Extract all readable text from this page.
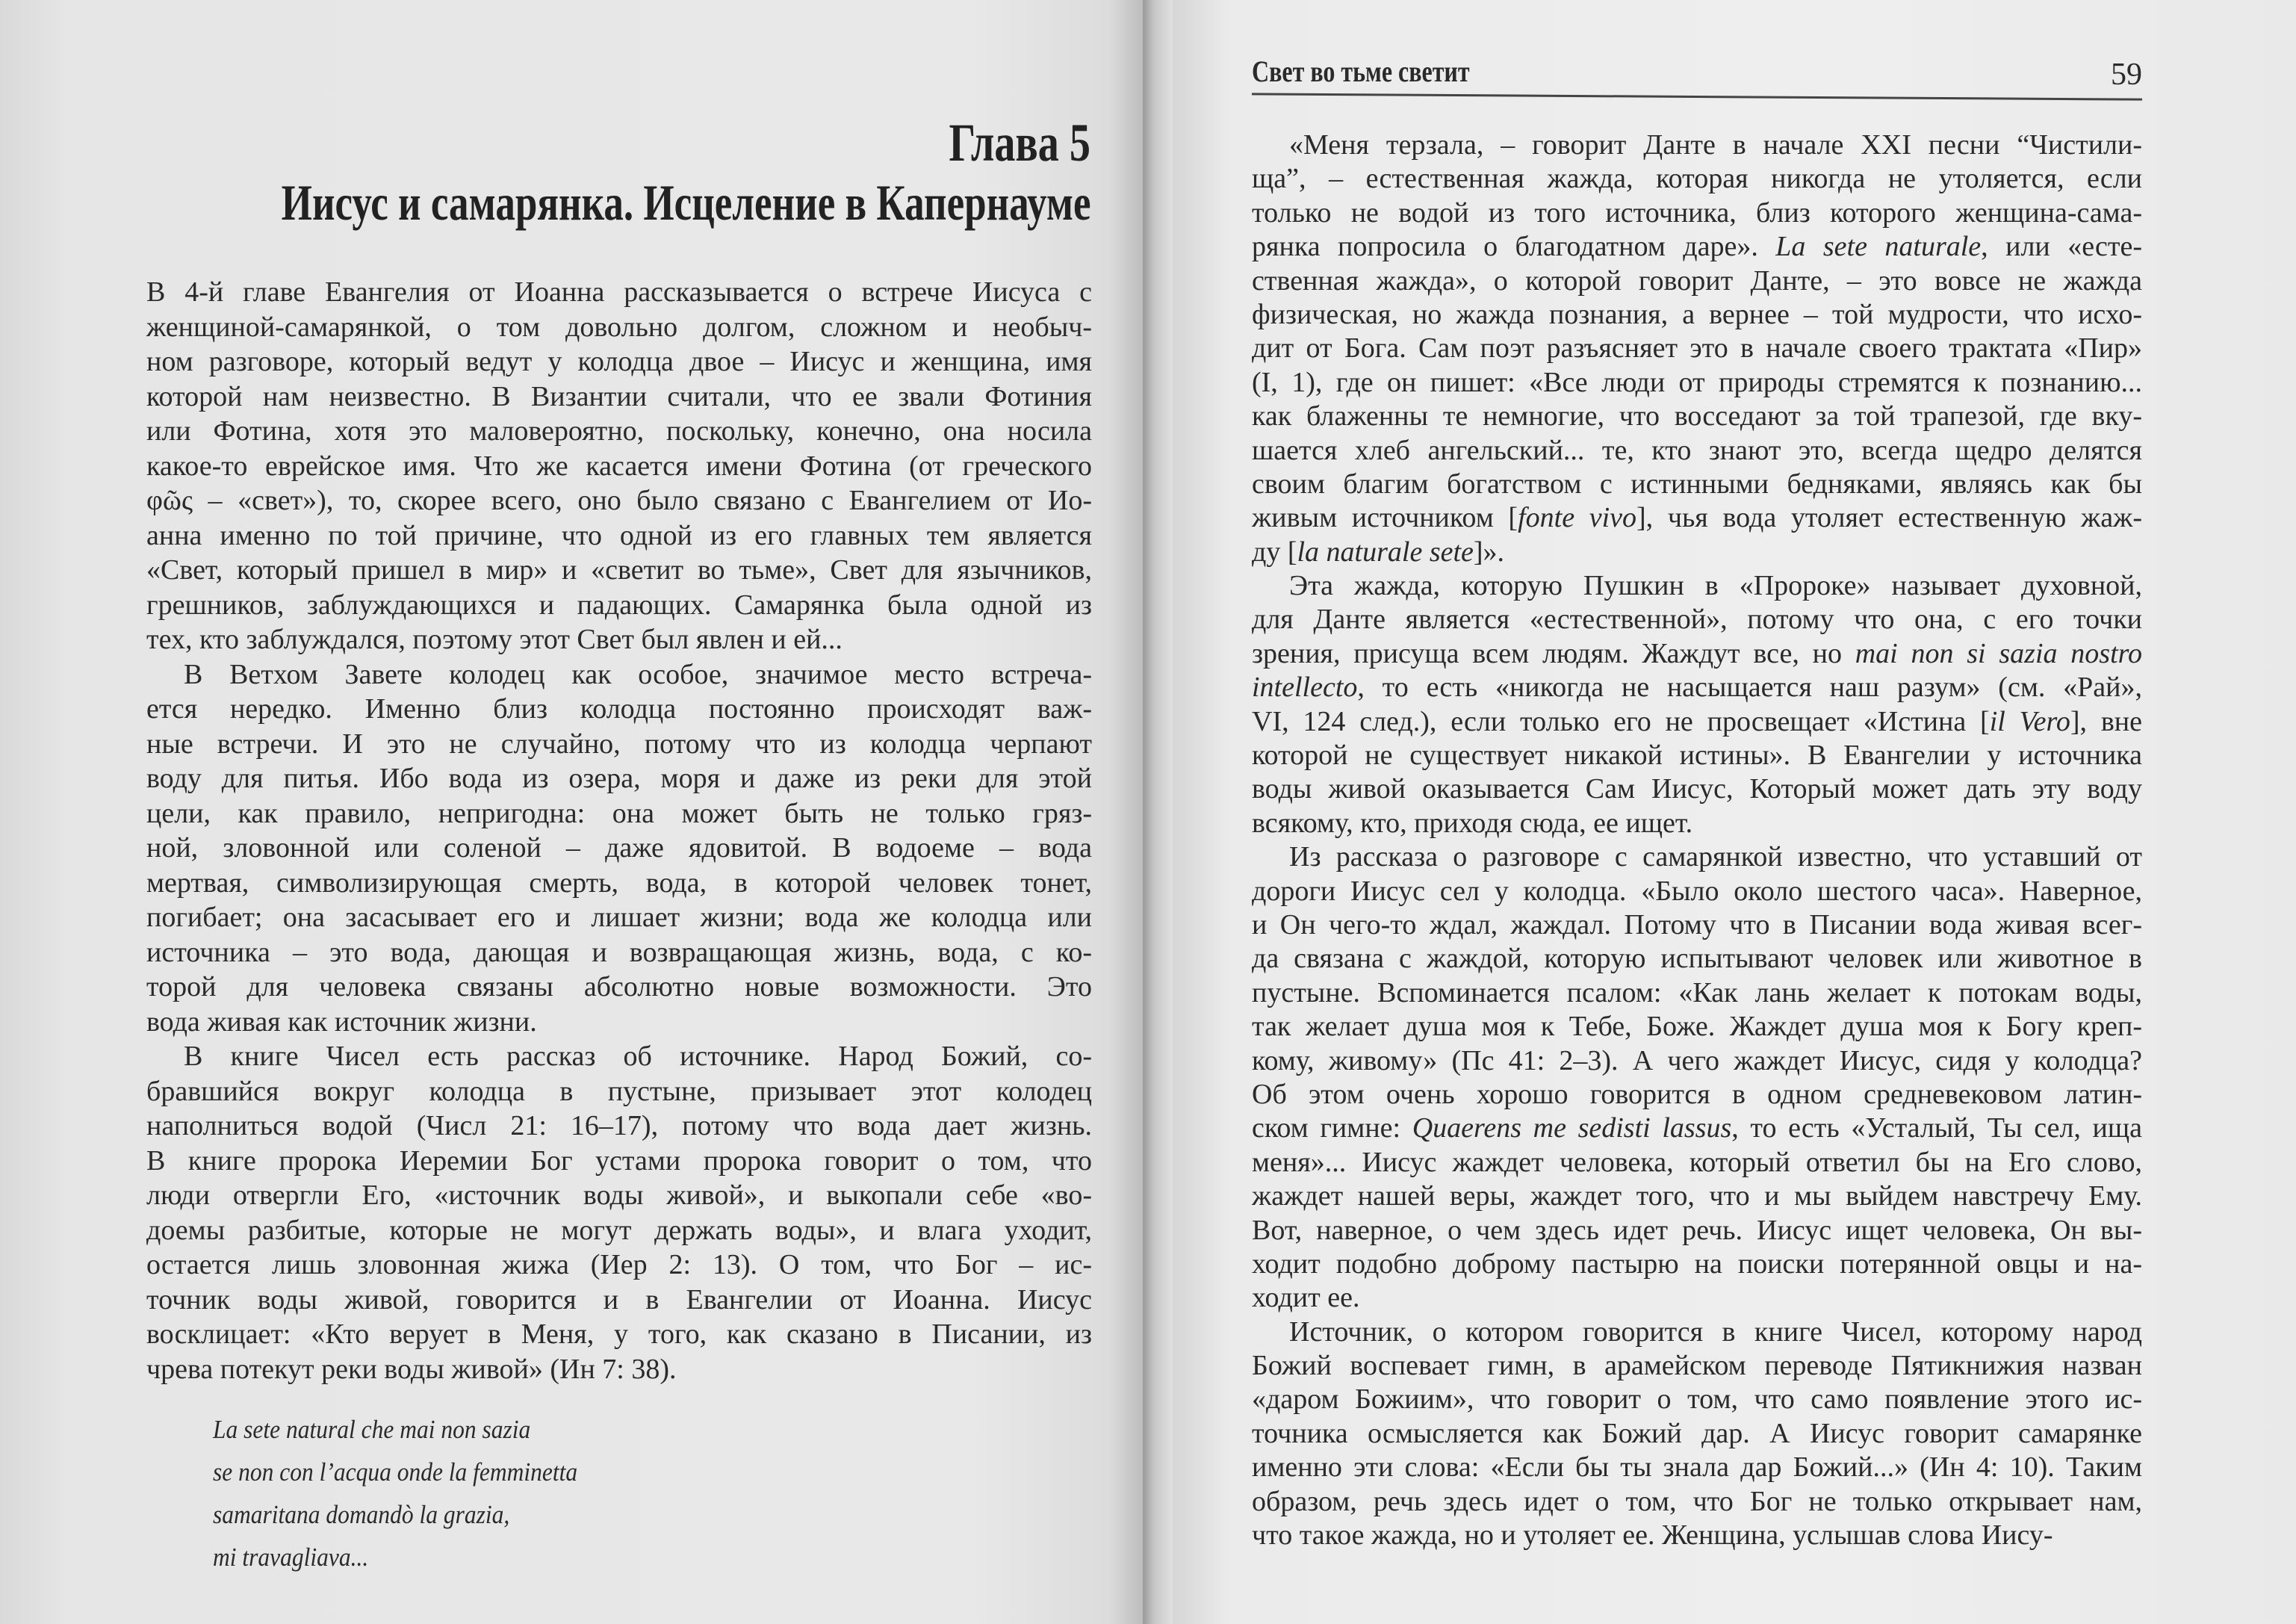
Глава 5
Иисус и самарянка. Исцеление в Капернауме
В 4-й главе Евангелия от Иоанна рассказывается о встрече Иисуса с
женщиной-самарянкой, о том довольно долгом, сложном и необыч-
ном разговоре, который ведут у колодца двое – Иисус и женщина, имя
которой нам неизвестно. В Византии считали, что ее звали Фотиния
или Фотина, хотя это маловероятно, поскольку, конечно, она носила
какое-то еврейское имя. Что же касается имени Фотина (от греческого
φῶς – «свет»), то, скорее всего, оно было связано с Евангелием от Ио-
анна именно по той причине, что одной из его главных тем является
«Свет, который пришел в мир» и «светит во тьме», Свет для язычников,
грешников, заблуждающихся и падающих. Самарянка была одной из
тех, кто заблуждался, поэтому этот Свет был явлен и ей...
В Ветхом Завете колодец как особое, значимое место встреча-
ется нередко. Именно близ колодца постоянно происходят важ-
ные встречи. И это не случайно, потому что из колодца черпают
воду для питья. Ибо вода из озера, моря и даже из реки для этой
цели, как правило, непригодна: она может быть не только гряз-
ной, зловонной или соленой – даже ядовитой. В водоеме – вода
мертвая, символизирующая смерть, вода, в которой человек тонет,
погибает; она засасывает его и лишает жизни; вода же колодца или
источника – это вода, дающая и возвращающая жизнь, вода, с ко-
торой для человека связаны абсолютно новые возможности. Это
вода живая как источник жизни.
В книге Чисел есть рассказ об источнике. Народ Божий, со-
бравшийся вокруг колодца в пустыне, призывает этот колодец
наполниться водой (Числ 21: 16–17), потому что вода дает жизнь.
В книге пророка Иеремии Бог устами пророка говорит о том, что
люди отвергли Его, «источник воды живой», и выкопали себе «во-
доемы разбитые, которые не могут держать воды», и влага уходит,
остается лишь зловонная жижа (Иер 2: 13). О том, что Бог – ис-
точник воды живой, говорится и в Евангелии от Иоанна. Иисус
восклицает: «Кто верует в Меня, у того, как сказано в Писании, из
чрева потекут реки воды живой» (Ин 7: 38).
La sete natural che mai non sazia
se non con l’acqua onde la femminetta
samaritana domandò la grazia,
mi travagliava...
Свет во тьме светит	59
«Меня терзала, – говорит Данте в начале XXI песни “Чистили-
ща”, – естественная жажда, которая никогда не утоляется, если
только не водой из того источника, близ которого женщина-сама-
рянка попросила о благодатном даре». La sete naturale, или «есте-
ственная жажда», о которой говорит Данте, – это вовсе не жажда
физическая, но жажда познания, а вернее – той мудрости, что исхо-
дит от Бога. Сам поэт разъясняет это в начале своего трактата «Пир»
(I, 1), где он пишет: «Все люди от природы стремятся к познанию...
как блаженны те немногие, что восседают за той трапезой, где вку-
шается хлеб ангельский... те, кто знают это, всегда щедро делятся
своим благим богатством с истинными бедняками, являясь как бы
живым источником [fonte vivo], чья вода утоляет естественную жаж-
ду [la naturale sete]».
Эта жажда, которую Пушкин в «Пророке» называет духовной,
для Данте является «естественной», потому что она, с его точки
зрения, присуща всем людям. Жаждут все, но mai non si sazia nostro
intellecto, то есть «никогда не насыщается наш разум» (см. «Рай»,
VI, 124 след.), если только его не просвещает «Истина [il Vero], вне
которой не существует никакой истины». В Евангелии у источника
воды живой оказывается Сам Иисус, Который может дать эту воду
всякому, кто, приходя сюда, ее ищет.
Из рассказа о разговоре с самарянкой известно, что уставший от
дороги Иисус сел у колодца. «Было около шестого часа». Наверное,
и Он чего-то ждал, жаждал. Потому что в Писании вода живая всег-
да связана с жаждой, которую испытывают человек или животное в
пустыне. Вспоминается псалом: «Как лань желает к потокам воды,
так желает душа моя к Тебе, Боже. Жаждет душа моя к Богу креп-
кому, живому» (Пс 41: 2–3). А чего жаждет Иисус, сидя у колодца?
Об этом очень хорошо говорится в одном средневековом латин-
ском гимне: Quaerens me sedisti lassus, то есть «Усталый, Ты сел, ища
меня»... Иисус жаждет человека, который ответил бы на Его слово,
жаждет нашей веры, жаждет того, что и мы выйдем навстречу Ему.
Вот, наверное, о чем здесь идет речь. Иисус ищет человека, Он вы-
ходит подобно доброму пастырю на поиски потерянной овцы и на-
ходит ее.
Источник, о котором говорится в книге Чисел, которому народ
Божий воспевает гимн, в арамейском переводе Пятикнижия назван
«даром Божиим», что говорит о том, что само появление этого ис-
точника осмысляется как Божий дар. А Иисус говорит самарянке
именно эти слова: «Если бы ты знала дар Божий...» (Ин 4: 10). Таким
образом, речь здесь идет о том, что Бог не только открывает нам,
что такое жажда, но и утоляет ее. Женщина, услышав слова Иису-
